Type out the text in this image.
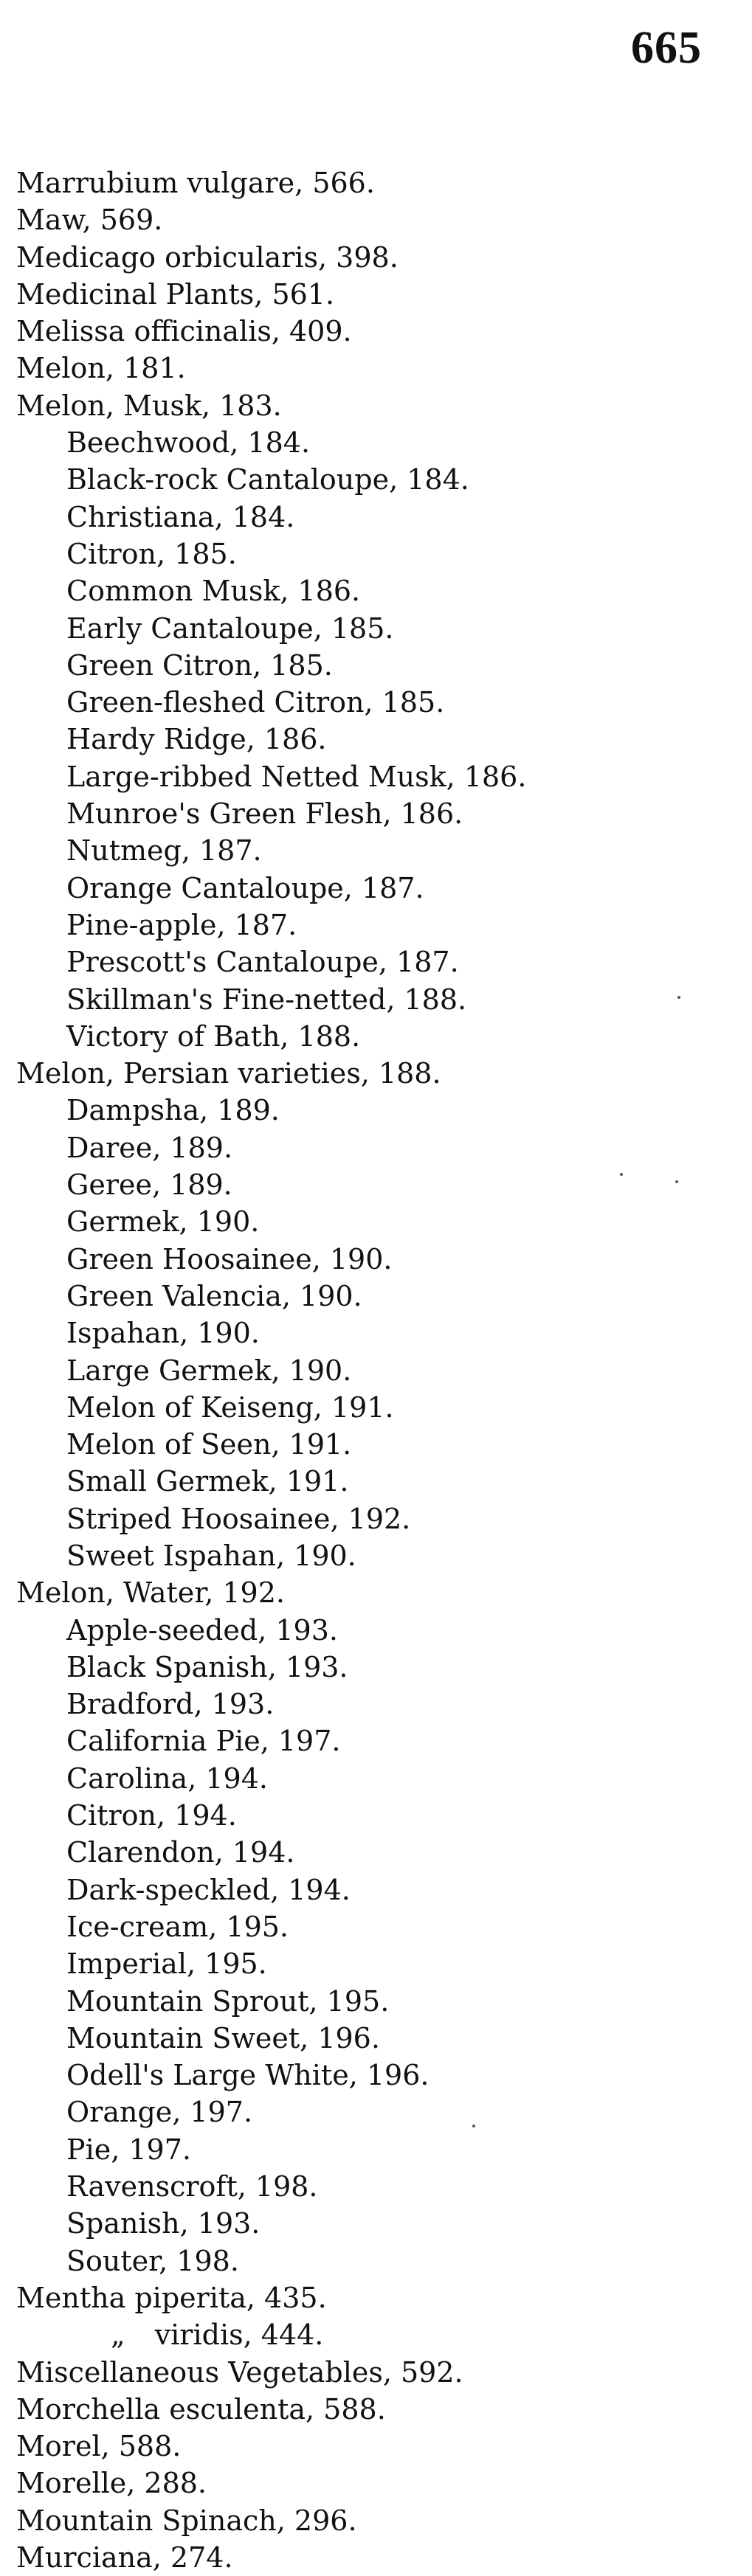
665
Marrubium vulgare, 566.
Maw, 569.
Medicago orbicularis, 398.
Medicinal Plants, 561.
Melissa officinalis, 409.
Melon, 181.
Melon, Musk, 183.
Beechwood, 184.
Black-rock Cantaloupe, 184.
Christiana, 184.
Citron, 185.
Common Musk, 186.
Early Cantaloupe, 185.
Green Citron, 185.
Green-fleshed Citron, 185.
Hardy Ridge, 186.
Large-ribbed Netted Musk, 186.
Munroe's Green Flesh, 186.
Nutmeg, 187.
Orange Cantaloupe, 187.
Pine-apple, 187.
Prescott's Cantaloupe, 187.
Skillman's Fine-netted, 188.
Victory of Bath, 188.
Melon, Persian varieties, 188.
Dampsha, 189.
Daree, 189.
Geree, 189.
Germek, 190.
Green Hoosainee, 190.
Green Valencia, 190.
Ispahan, 190.
Large Germek, 190.
Melon of Keiseng, 191.
Melon of Seen, 191.
Small Germek, 191.
Striped Hoosainee, 192.
Sweet Ispahan, 190.
Melon, Water, 192.
Apple-seeded, 193.
Black Spanish, 193.
Bradford, 193.
California Pie, 197.
Carolina, 194.
Citron, 194.
Clarendon, 194.
Dark-speckled, 194.
Ice-cream, 195.
Imperial, 195.
Mountain Sprout, 195.
Mountain Sweet, 196.
Odell's Large White, 196.
Orange, 197.
Pie, 197.
Ravenscroft, 198.
Spanish, 193.
Souter, 198.
Mentha piperita, 435.
„ viridis, 444.
Miscellaneous Vegetables, 592.
Morchella esculenta, 588.
Morel, 588.
Morelle, 288.
Mountain Spinach, 296.
Murciana, 274.
